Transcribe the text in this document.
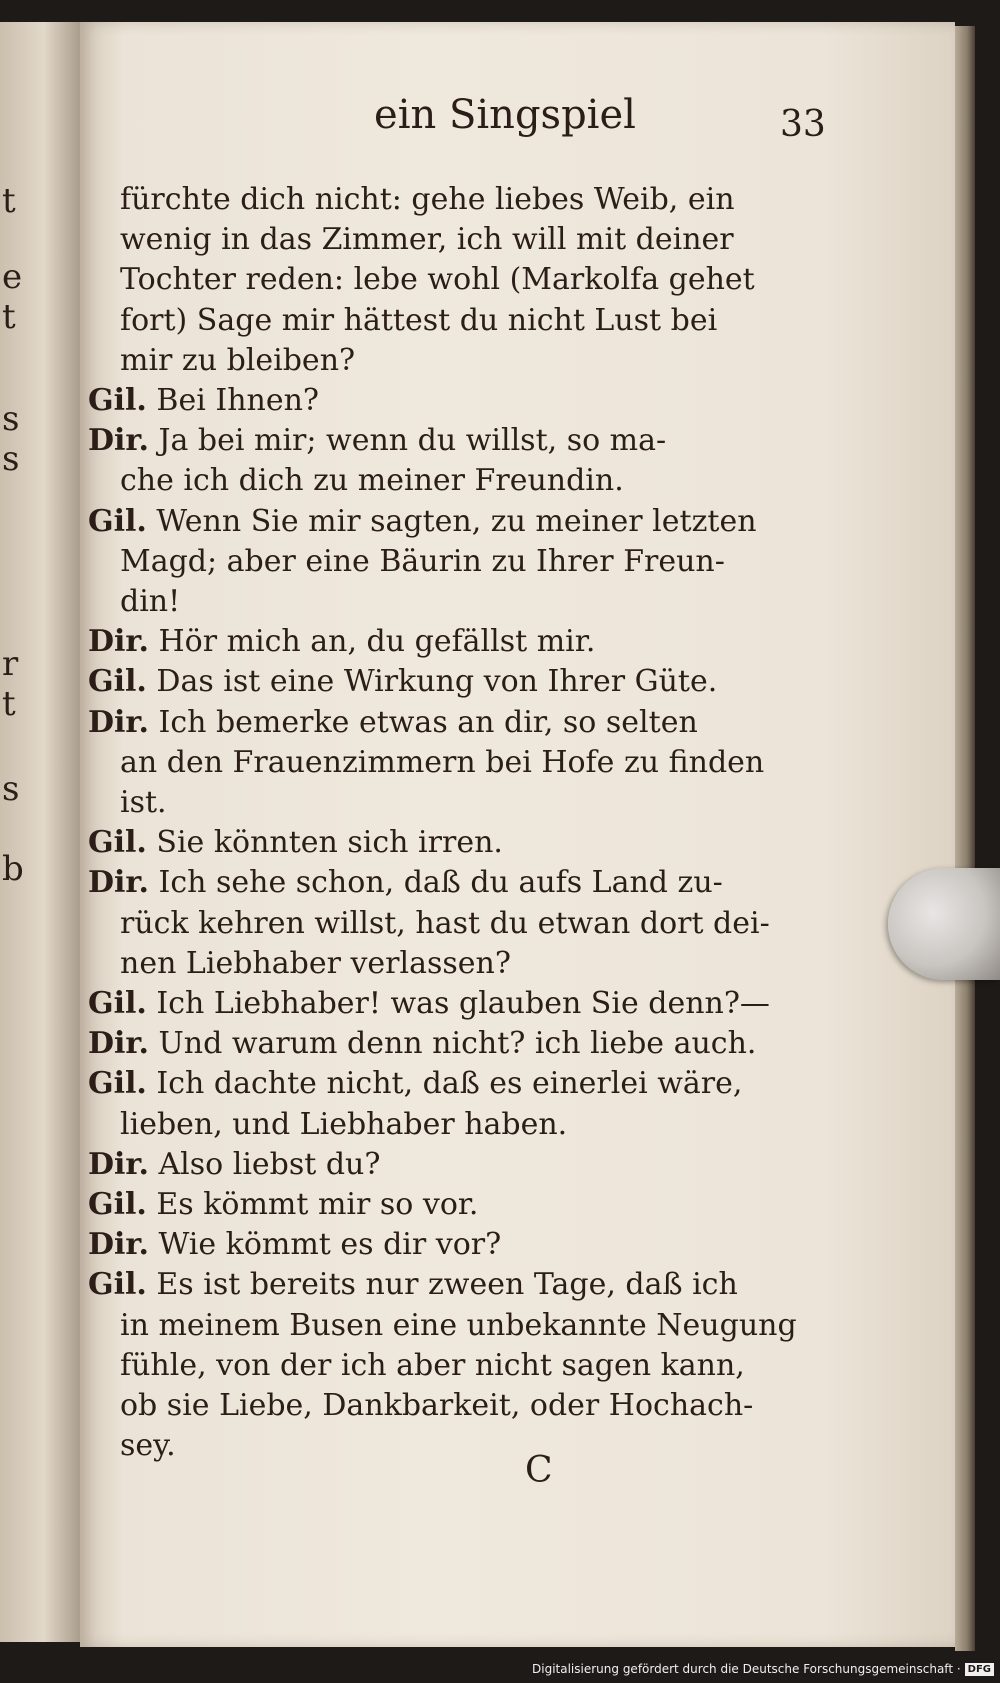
t
e
t
s
s
r
t
s
b
ein Singspiel	33
fürchte dich nicht: gehe liebes Weib, ein
wenig in das Zimmer, ich will mit deiner
Tochter reden: lebe wohl (Markolfa gehet
fort) Sage mir hättest du nicht Lust bei
mir zu bleiben?
Gil. Bei Ihnen?
Dir. Ja bei mir; wenn du willst, so ma-
che ich dich zu meiner Freundin.
Gil. Wenn Sie mir sagten, zu meiner letzten
Magd; aber eine Bäurin zu Ihrer Freun-
din!
Dir. Hör mich an, du gefällst mir.
Gil. Das ist eine Wirkung von Ihrer Güte.
Dir. Ich bemerke etwas an dir, so selten
an den Frauenzimmern bei Hofe zu finden
ist.
Gil. Sie könnten sich irren.
Dir. Ich sehe schon, daß du aufs Land zu-
rück kehren willst, hast du etwan dort dei-
nen Liebhaber verlassen?
Gil. Ich Liebhaber! was glauben Sie denn?—
Dir. Und warum denn nicht? ich liebe auch.
Gil. Ich dachte nicht, daß es einerlei wäre,
lieben, und Liebhaber haben.
Dir. Also liebst du?
Gil. Es kömmt mir so vor.
Dir. Wie kömmt es dir vor?
Gil. Es ist bereits nur zween Tage, daß ich
in meinem Busen eine unbekannte Neugung
fühle, von der ich aber nicht sagen kann,
ob sie Liebe, Dankbarkeit, oder Hochach-
sey.
C
Digitalisierung gefördert durch die Deutsche Forschungsgemeinschaft · DFG
